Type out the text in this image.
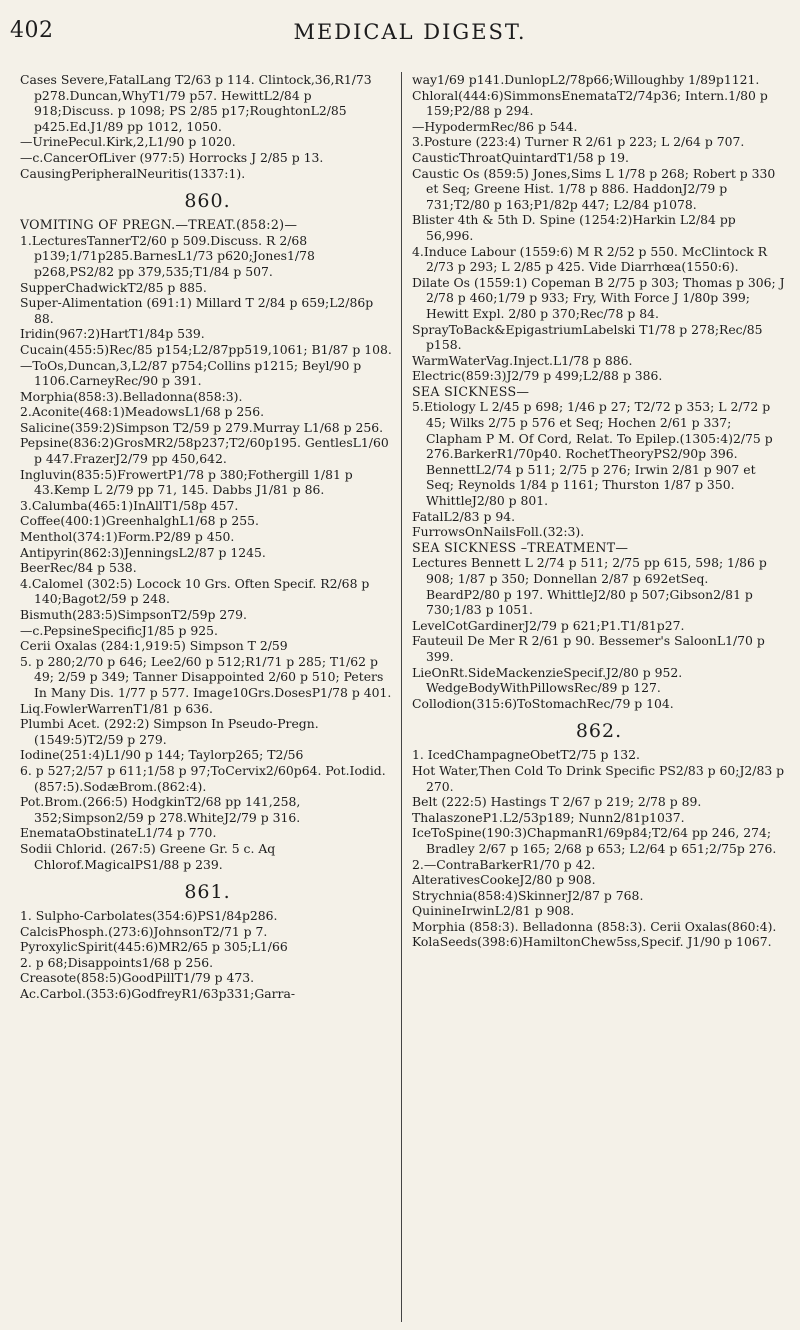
402	MEDICAL DIGEST.

Cases Severe,FatalLang T2/63 p 114. Clintock,36,R1/73 p278.Duncan,WhyT1/79 p57. HewittL2/84 p 918;Discuss. p 1098; PS 2/85 p17;RoughtonL2/85 p425.Ed.J1/89 pp 1012, 1050.

—UrinePecul.Kirk,2,L1/90 p 1020.

—c.CancerOfLiver (977:5) Horrocks J 2/85 p 13.

CausingPeripheralNeuritis(1337:1).

860.

VOMITING OF PREGN.—TREAT.(858:2)—

1.LecturesTannerT2/60 p 509.Discuss. R 2/68 p139;1/71p285.BarnesL1/73 p620;Jones1/78 p268,PS2/82 pp 379,535;T1/84 p 507.

SupperChadwickT2/85 p 885.

Super-Alimentation (691:1) Millard T 2/84 p 659;L2/86p 88.

Iridin(967:2)HartT1/84p 539.

Cucain(455:5)Rec/85 p154;L2/87pp519,1061; B1/87 p 108.

—ToOs,Duncan,3,L2/87 p754;Collins p1215; Beyl/90 p 1106.CarneyRec/90 p 391.

Morphia(858:3).Belladonna(858:3).

2.Aconite(468:1)MeadowsL1/68 p 256.

Salicine(359:2)Simpson T2/59 p 279.Murray L1/68 p 256.

Pepsine(836:2)GrosMR2/58p237;T2/60p195. GentlesL1/60 p 447.FrazerJ2/79 pp 450,642.

Ingluvin(835:5)FrowertP1/78 p 380;Fothergill 1/81 p 43.Kemp L 2/79 pp 71, 145. Dabbs J1/81 p 86.

3.Calumba(465:1)InAllT1/58p 457.

Coffee(400:1)GreenhalghL1/68 p 255.

Menthol(374:1)Form.P2/89 p 450.

Antipyrin(862:3)JenningsL2/87 p 1245.

BeerRec/84 p 538.

4.Calomel (302:5) Locock 10 Grs. Often Specif. R2/68 p 140;Bagot2/59 p 248.

Bismuth(283:5)SimpsonT2/59p 279.

—c.PepsineSpecificJ1/85 p 925.

Cerii Oxalas (284:1,919:5) Simpson T 2/59

5. p 280;2/70 p 646; Lee2/60 p 512;R1/71 p 285; T1/62 p 49; 2/59 p 349; Tanner Disappointed 2/60 p 510; Peters In Many Dis. 1/77 p 577. Image10Grs.DosesP1/78 p 401.

Liq.FowlerWarrenT1/81 p 636.

Plumbi Acet. (292:2) Simpson In Pseudo-Pregn.(1549:5)T2/59 p 279.

Iodine(251:4)L1/90 p 144; Taylorp265; T2/56

6. p 527;2/57 p 611;1/58 p 97;ToCervix2/60p64. Pot.Iodid.(857:5).SodæBrom.(862:4).

Pot.Brom.(266:5) HodgkinT2/68 pp 141,258, 352;Simpson2/59 p 278.WhiteJ2/79 p 316.

EnemataObstinateL1/74 p 770.

Sodii Chlorid. (267:5) Greene Gr. 5 c. Aq Chlorof.MagicalPS1/88 p 239.

861.

1. Sulpho-Carbolates(354:6)PS1/84p286.

CalcisPhosph.(273:6)JohnsonT2/71 p 7.

PyroxylicSpirit(445:6)MR2/65 p 305;L1/66

2. p 68;Disappoints1/68 p 256.

Creasote(858:5)GoodPillT1/79 p 473.

Ac.Carbol.(353:6)GodfreyR1/63p331;Garra-

way1/69 p141.DunlopL2/78p66;Willoughby 1/89p1121.

Chloral(444:6)SimmonsEnemataT2/74p36; Intern.1/80 p 159;P2/88 p 294.

—HypodermRec/86 p 544.

3.Posture (223:4) Turner R 2/61 p 223; L 2/64 p 707.

CausticThroatQuintardT1/58 p 19.

Caustic Os (859:5) Jones,Sims L 1/78 p 268; Robert p 330 et Seq; Greene Hist. 1/78 p 886. HaddonJ2/79 p 731;T2/80 p 163;P1/82p 447; L2/84 p1078.

Blister 4th & 5th D. Spine (1254:2)Harkin L2/84 pp 56,996.

4.Induce Labour (1559:6) M R 2/52 p 550. McClintock R 2/73 p 293; L 2/85 p 425. Vide Diarrhœa(1550:6).

Dilate Os (1559:1) Copeman B 2/75 p 303; Thomas p 306; J 2/78 p 460;1/79 p 933; Fry, With Force J 1/80p 399; Hewitt Expl. 2/80 p 370;Rec/78 p 84.

SprayToBack&EpigastriumLabelski T1/78 p 278;Rec/85 p158.

WarmWaterVag.Inject.L1/78 p 886.

Electric(859:3)J2/79 p 499;L2/88 p 386.

SEA SICKNESS—

5.Etiology L 2/45 p 698; 1/46 p 27; T2/72 p 353; L 2/72 p 45; Wilks 2/75 p 576 et Seq; Hochen 2/61 p 337; Clapham P M. Of Cord, Relat. To Epilep.(1305:4)2/75 p 276.BarkerR1/70p40. RochetTheoryPS2/90p 396. BennettL2/74 p 511; 2/75 p 276; Irwin 2/81 p 907 et Seq; Reynolds 1/84 p 1161; Thurston 1/87 p 350. WhittleJ2/80 p 801.

FatalL2/83 p 94.

FurrowsOnNailsFoll.(32:3).

SEA SICKNESS –TREATMENT—

Lectures Bennett L 2/74 p 511; 2/75 pp 615, 598; 1/86 p 908; 1/87 p 350; Donnellan 2/87 p 692etSeq. BeardP2/80 p 197. WhittleJ2/80 p 507;Gibson2/81 p 730;1/83 p 1051.

LevelCotGardinerJ2/79 p 621;P1.T1/81p27.

Fauteuil De Mer R 2/61 p 90. Bessemer's SaloonL1/70 p 399.

LieOnRt.SideMackenzieSpecif.J2/80 p 952. WedgeBodyWithPillowsRec/89 p 127.

Collodion(315:6)ToStomachRec/79 p 104.

862.

1. IcedChampagneObetT2/75 p 132.

Hot Water,Then Cold To Drink Specific PS2/83 p 60;J2/83 p 270.

Belt (222:5) Hastings T 2/67 p 219; 2/78 p 89.

ThalaszoneP1.L2/53p189; Nunn2/81p1037.

IceToSpine(190:3)ChapmanR1/69p84;T2/64 pp 246, 274; Bradley 2/67 p 165; 2/68 p 653; L2/64 p 651;2/75p 276.

2.—ContraBarkerR1/70 p 42.

AlterativesCookeJ2/80 p 908.

Strychnia(858:4)SkinnerJ2/87 p 768.

QuinineIrwinL2/81 p 908.

Morphia (858:3). Belladonna (858:3). Cerii Oxalas(860:4).

KolaSeeds(398:6)HamiltonChew5ss,Specif. J1/90 p 1067.
